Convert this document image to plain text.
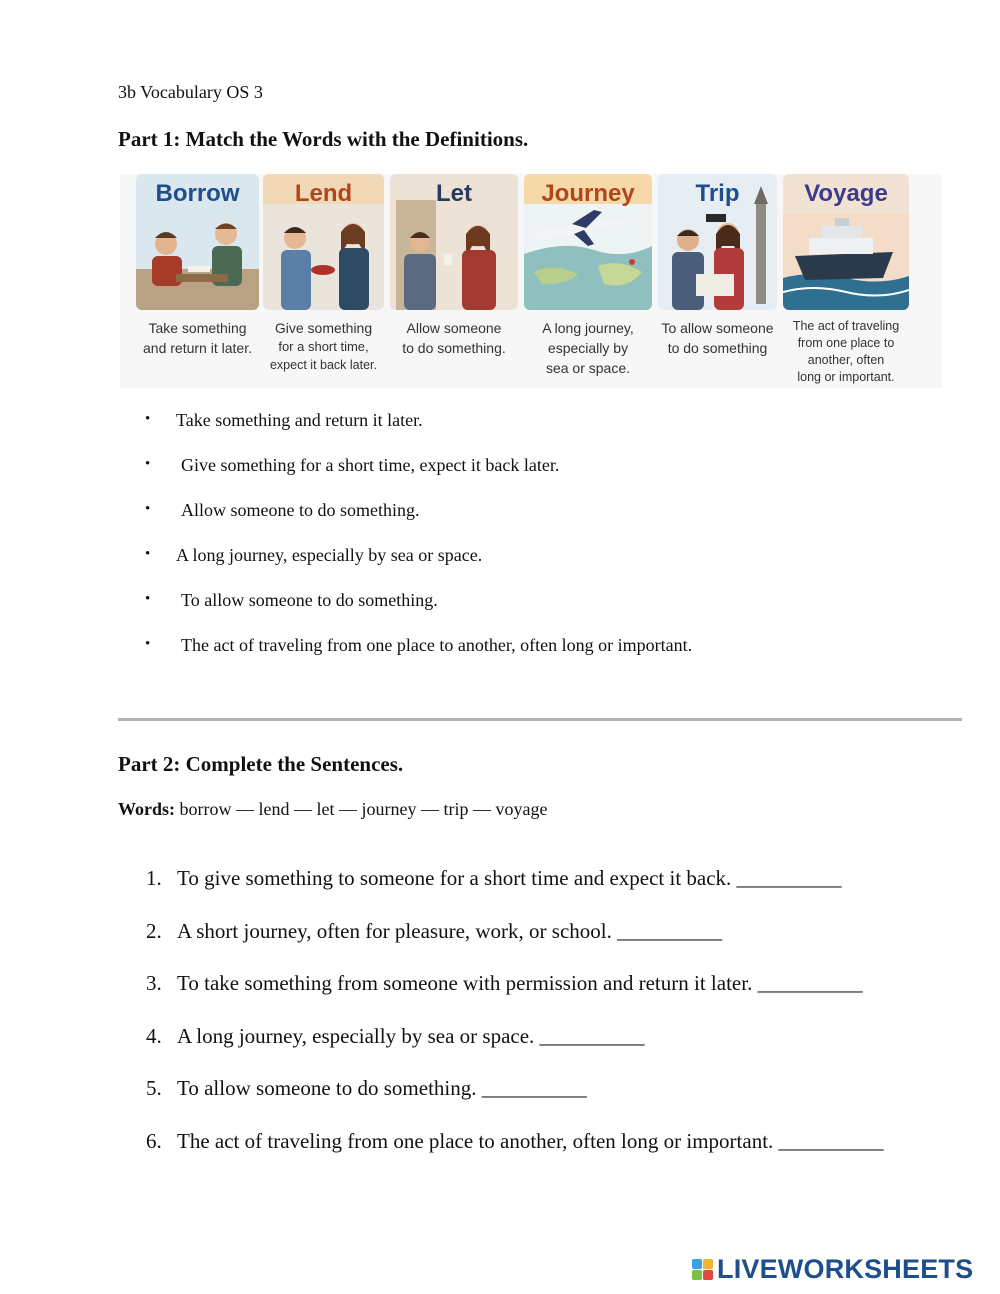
3b Vocabulary OS 3
Part 1: Match the Words with the Definitions.
Borrow
Take something
and return it later.
Lend
Give something
for a short time,
expect it back later.
Let
Allow someone
to do something.
Journey
A long journey,
especially by
sea or space.
Trip
To allow someone
to do something
Voyage
The act of traveling
from one place to
another, often
long or important.
• Take something and return it later.
• Give something for a short time, expect it back later.
• Allow someone to do something.
• A long journey, especially by sea or space.
• To allow someone to do something.
• The act of traveling from one place to another, often long or important.
Part 2: Complete the Sentences.
Words: borrow — lend — let — journey — trip — voyage
1. To give something to someone for a short time and expect it back. __________
2. A short journey, often for pleasure, work, or school. __________
3. To take something from someone with permission and return it later. __________
4. A long journey, especially by sea or space. __________
5. To allow someone to do something. __________
6. The act of traveling from one place to another, often long or important. __________
LIVEWORKSHEETS
